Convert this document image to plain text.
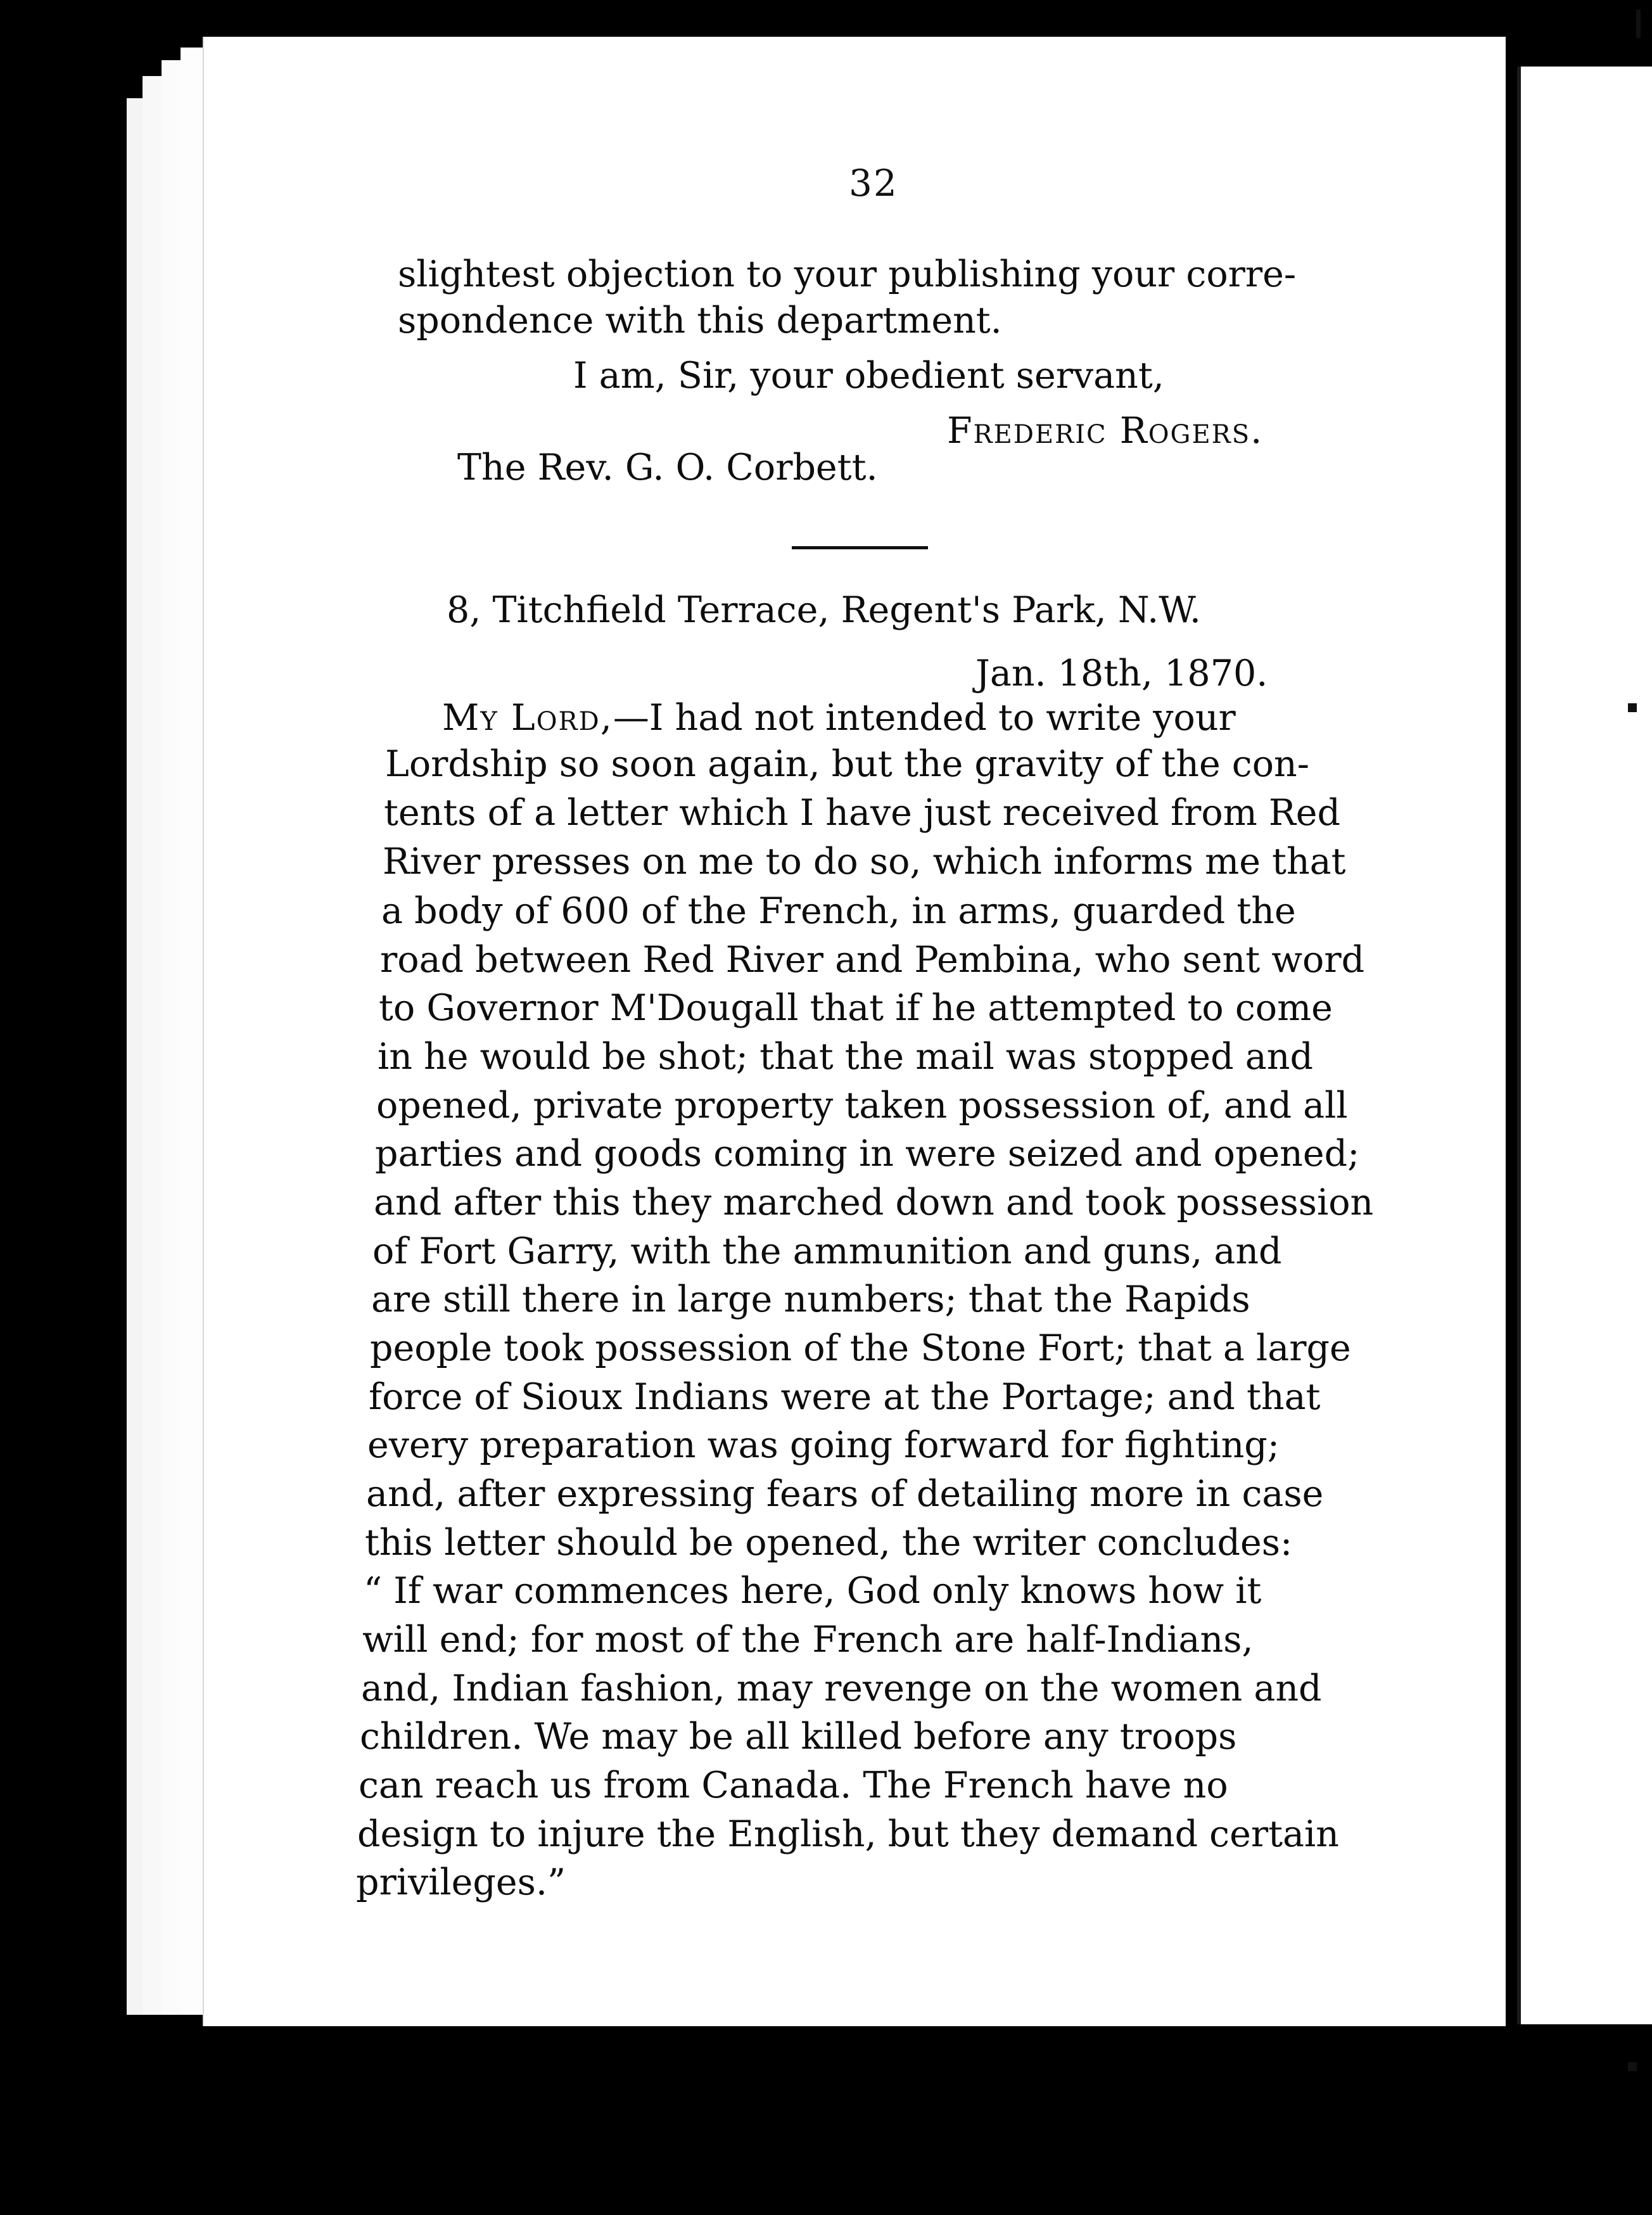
32
slightest objection to your publishing your corre-
spondence with this department.
I am, Sir, your obedient servant,
Frederic Rogers.
The Rev. G. O. Corbett.
8, Titchfield Terrace, Regent's Park, N.W.
Jan. 18th, 1870.
My Lord,—I had not intended to write your
Lordship so soon again, but the gravity of the con-
tents of a letter which I have just received from Red
River presses on me to do so, which informs me that
a body of 600 of the French, in arms, guarded the
road between Red River and Pembina, who sent word
to Governor M'Dougall that if he attempted to come
in he would be shot; that the mail was stopped and
opened, private property taken possession of, and all
parties and goods coming in were seized and opened;
and after this they marched down and took possession
of Fort Garry, with the ammunition and guns, and
are still there in large numbers; that the Rapids
people took possession of the Stone Fort; that a large
force of Sioux Indians were at the Portage; and that
every preparation was going forward for fighting;
and, after expressing fears of detailing more in case
this letter should be opened, the writer concludes:
“ If war commences here, God only knows how it
will end; for most of the French are half-Indians,
and, Indian fashion, may revenge on the women and
children. We may be all killed before any troops
can reach us from Canada. The French have no
design to injure the English, but they demand certain
privileges.”
